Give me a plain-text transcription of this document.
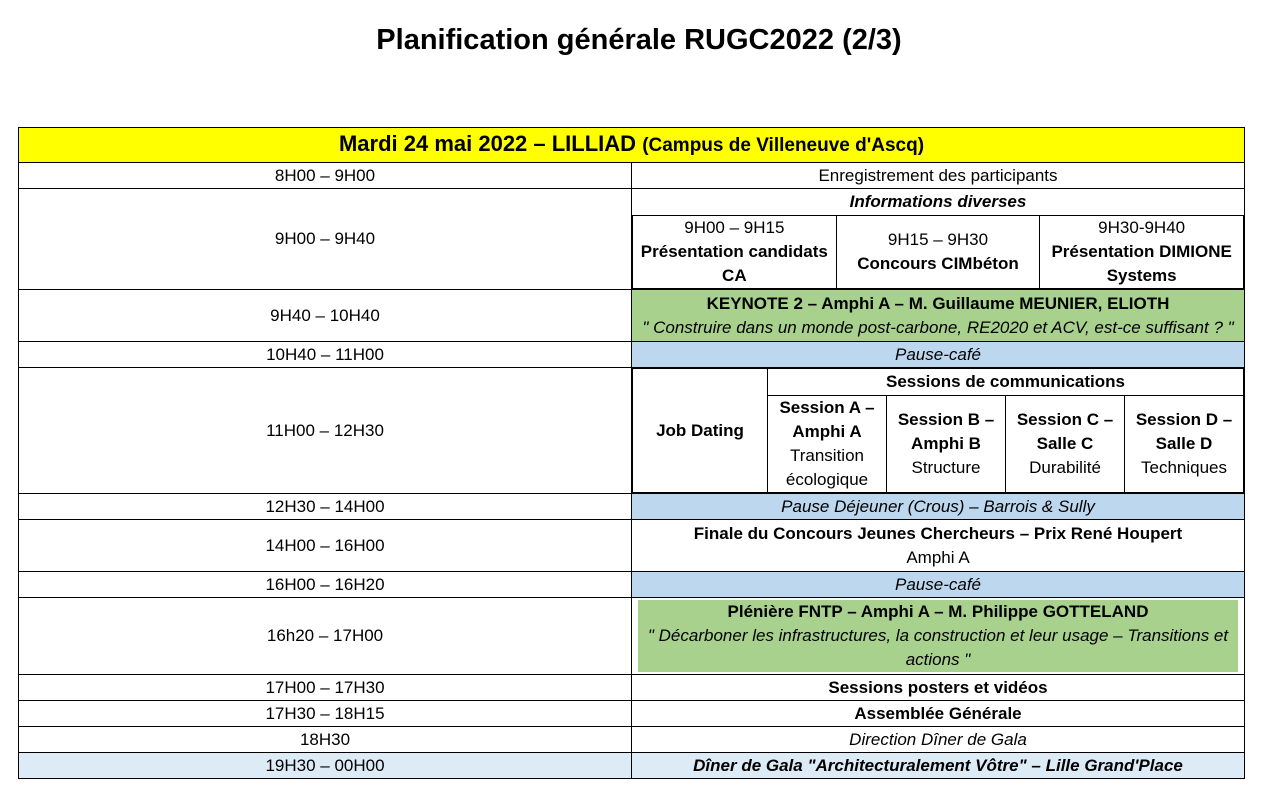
Planification générale RUGC2022 (2/3)
Mardi 24 mai 2022 – LILLIAD (Campus de Villeneuve d'Ascq)
8H00 – 9H00	Enregistrement des participants
9H00 – 9H40	
Informations diverses
9H00 – 9H15
Présentation candidats CA

9H15 – 9H30
Concours CIMbéton

9H30-9H40
Présentation DIMIONE Systems

9H40 – 10H40	
KEYNOTE 2 – Amphi A – M. Guillaume MEUNIER, ELIOTH
" Construire dans un monde post-carbone, RE2020 et ACV, est-ce suffisant ? "

10H40 – 11H00	Pause-café
11H00 – 12H30		Job Dating	Sessions de communications

Session A – Amphi A
Transition écologique

Session B – Amphi B
Structure

Session C – Salle C
Durabilité

Session D – Salle D
Techniques

12H30 – 14H00	Pause Déjeuner (Crous) – Barrois & Sully
14H00 – 16H00	
Finale du Concours Jeunes Chercheurs – Prix René Houpert
Amphi A

16H00 – 16H20	Pause-café
16h20 – 17H00	
Plénière FNTP – Amphi A – M. Philippe GOTTELAND
" Décarboner les infrastructures, la construction et leur usage – Transitions et actions "

17H00 – 17H30	Sessions posters et vidéos
17H30 – 18H15	Assemblée Générale
18H30	Direction Dîner de Gala
19H30 – 00H00	Dîner de Gala "Architecturalement Vôtre" – Lille Grand'Place
